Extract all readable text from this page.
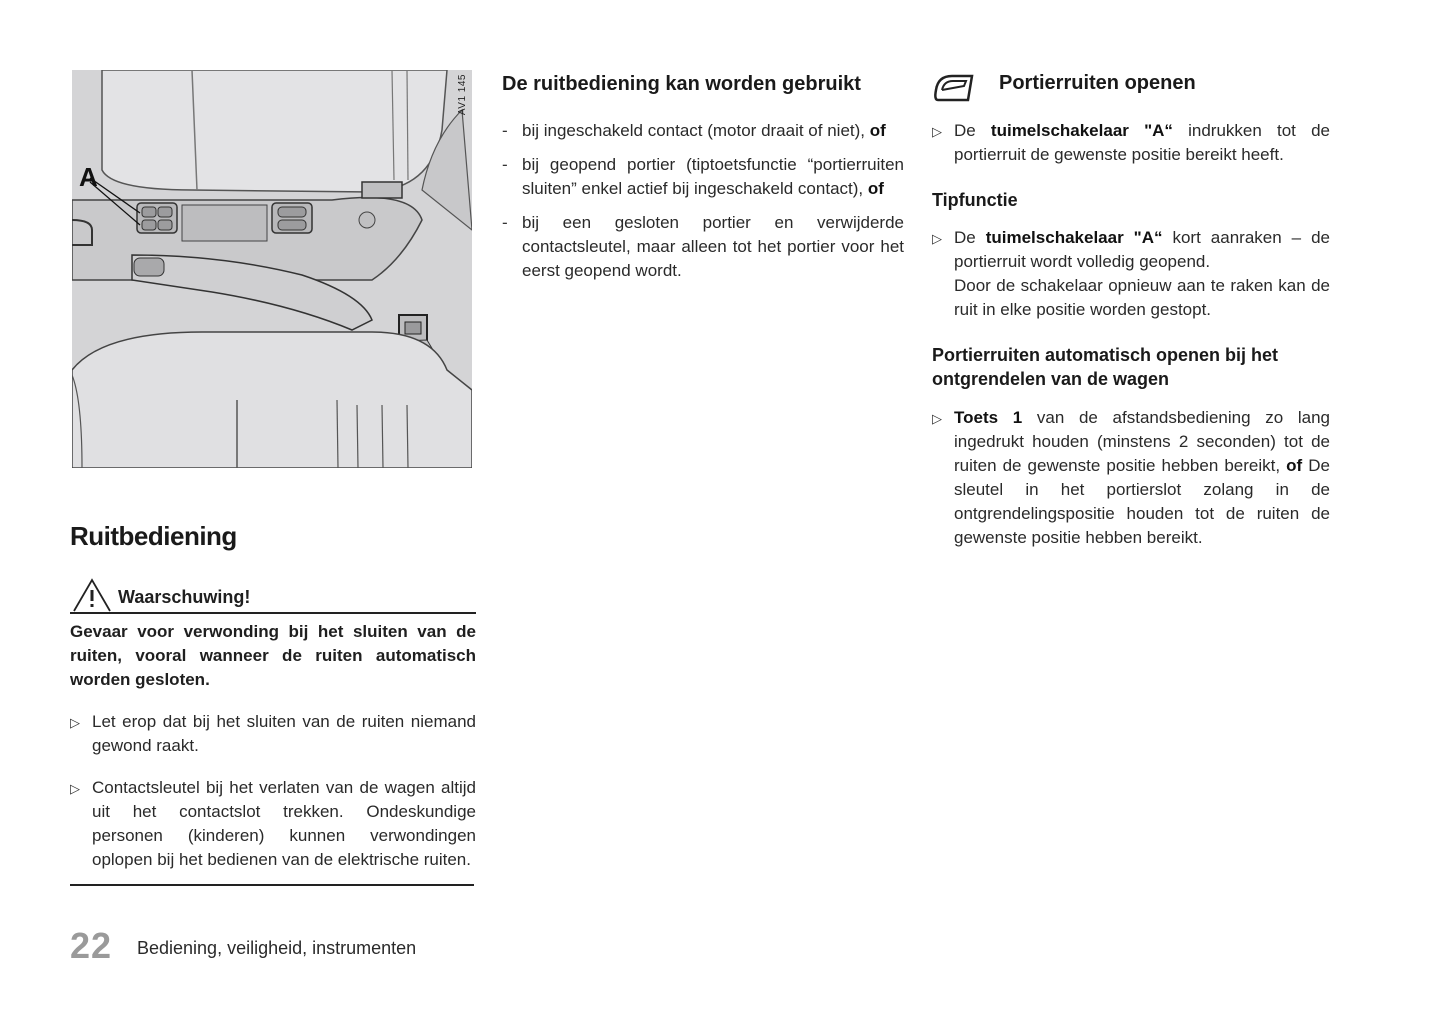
A
AV1 145
Ruitbediening
Waarschuwing!
Gevaar voor verwonding bij het sluiten van de ruiten, vooral wanneer de ruiten automatisch worden gesloten.
▷ Let erop dat bij het sluiten van de ruiten niemand gewond raakt.
▷ Contactsleutel bij het verlaten van de wagen altijd uit het contactslot trekken. Ondeskundige personen (kinderen) kunnen verwondingen oplopen bij het bedienen van de elektrische ruiten.
De ruitbediening kan worden gebruikt
- bij ingeschakeld contact (motor draait of niet), of
- bij geopend portier (tiptoetsfunctie “portierruiten sluiten” enkel actief bij ingeschakeld contact), of
- bij een gesloten portier en verwijderde contactsleutel, maar alleen tot het portier voor het eerst geopend wordt.
Portierruiten openen
▷ De tuimelschakelaar "A“ indrukken tot de portierruit de gewenste positie bereikt heeft.
Tipfunctie
▷ De tuimelschakelaar "A“ kort aanraken – de portierruit wordt volledig geopend.
Door de schakelaar opnieuw aan te raken kan de ruit in elke positie worden gestopt.
Portierruiten automatisch openen bij het ontgrendelen van de wagen
▷ Toets 1 van de afstandsbediening zo lang ingedrukt houden (minstens 2 seconden) tot de ruiten de gewenste positie hebben bereikt, of De sleutel in het portierslot zolang in de ontgrendelingspositie houden tot de ruiten de gewenste positie hebben bereikt.
22 Bediening, veiligheid, instrumenten
